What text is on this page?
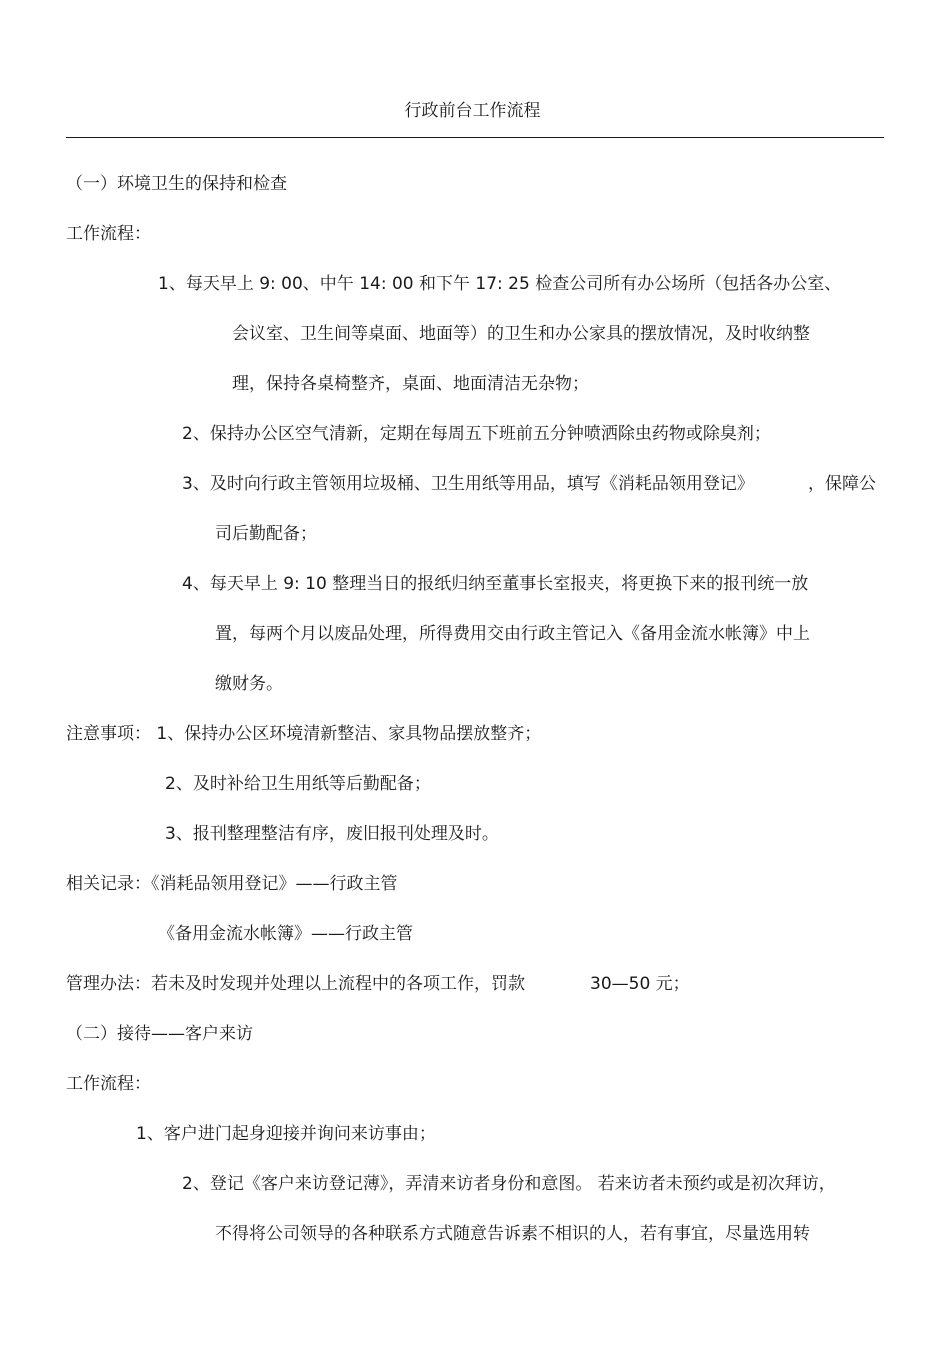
行政前台工作流程
（一）环境卫生的保持和检查
工作流程：
1、每天早上 9: 00、中午 14: 00 和下午 17: 25 检查公司所有办公场所（包括各办公室、
会议室、卫生间等桌面、地面等）的卫生和办公家具的摆放情况，及时收纳整
理，保持各桌椅整齐，桌面、地面清洁无杂物；
2、保持办公区空气清新，定期在每周五下班前五分钟喷洒除虫药物或除臭剂；
3、及时向行政主管领用垃圾桶、卫生用纸等用品，填写《消耗品领用登记》	，保障公
司后勤配备；
4、每天早上 9: 10 整理当日的报纸归纳至董事长室报夹，将更换下来的报刊统一放
置，每两个月以废品处理，所得费用交由行政主管记入《备用金流水帐簿》中上
缴财务。
注意事项： 1、保持办公区环境清新整洁、家具物品摆放整齐；
2、及时补给卫生用纸等后勤配备；
3、报刊整理整洁有序，废旧报刊处理及时。
相关记录：《消耗品领用登记》——行政主管
《备用金流水帐簿》——行政主管
管理办法：若未及时发现并处理以上流程中的各项工作，罚款	30—50 元；
（二）接待——客户来访
工作流程：
1、客户进门起身迎接并询问来访事由；
2、登记《客户来访登记薄》，弄清来访者身份和意图。 若来访者未预约或是初次拜访，
不得将公司领导的各种联系方式随意告诉素不相识的人，若有事宜，尽量选用转
